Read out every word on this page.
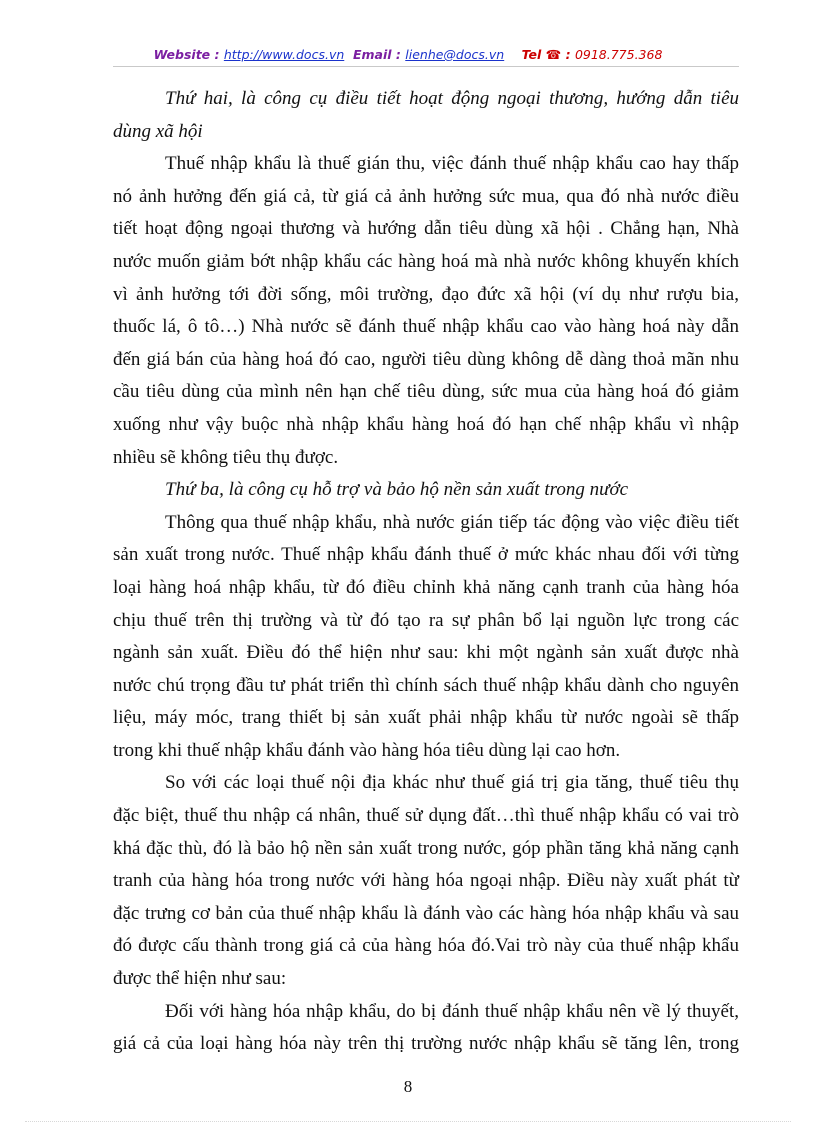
Website : http://www.docs.vn Email : lienhe@docs.vn Tel ☎ : 0918.775.368

Thứ hai, là công cụ điều tiết hoạt động ngoại thương, hướng dẫn tiêu
dùng xã hội

Thuế nhập khẩu là thuế gián thu, việc đánh thuế nhập khẩu cao hay thấp
nó ảnh hưởng đến giá cả, từ giá cả ảnh hưởng sức mua, qua đó nhà nước điều
tiết hoạt động ngoại thương và hướng dẫn tiêu dùng xã hội . Chẳng hạn, Nhà
nước muốn giảm bớt nhập khẩu các hàng hoá mà nhà nước không khuyến khích
vì ảnh hưởng tới đời sống, môi trường, đạo đức xã hội (ví dụ như rượu bia,
thuốc lá, ô tô…) Nhà nước sẽ đánh thuế nhập khẩu cao vào hàng hoá này dẫn
đến giá bán của hàng hoá đó cao, người tiêu dùng không dễ dàng thoả mãn nhu
cầu tiêu dùng của mình nên hạn chế tiêu dùng, sức mua của hàng hoá đó giảm
xuống như vậy buộc nhà nhập khẩu hàng hoá đó hạn chế nhập khẩu vì nhập
nhiều sẽ không tiêu thụ được.

Thứ ba, là công cụ hỗ trợ và bảo hộ nền sản xuất trong nước

Thông qua thuế nhập khẩu, nhà nước gián tiếp tác động vào việc điều tiết
sản xuất trong nước. Thuế nhập khẩu đánh thuế ở mức khác nhau đối với từng
loại hàng hoá nhập khẩu, từ đó điều chỉnh khả năng cạnh tranh của hàng hóa
chịu thuế trên thị trường và từ đó tạo ra sự phân bổ lại nguồn lực trong các
ngành sản xuất. Điều đó thể hiện như sau: khi một ngành sản xuất được nhà
nước chú trọng đầu tư phát triển thì chính sách thuế nhập khẩu dành cho nguyên
liệu, máy móc, trang thiết bị sản xuất phải nhập khẩu từ nước ngoài sẽ thấp
trong khi thuế nhập khẩu đánh vào hàng hóa tiêu dùng lại cao hơn.

So với các loại thuế nội địa khác như thuế giá trị gia tăng, thuế tiêu thụ
đặc biệt, thuế thu nhập cá nhân, thuế sử dụng đất…thì thuế nhập khẩu có vai trò
khá đặc thù, đó là bảo hộ nền sản xuất trong nước, góp phần tăng khả năng cạnh
tranh của hàng hóa trong nước với hàng hóa ngoại nhập. Điều này xuất phát từ
đặc trưng cơ bản của thuế nhập khẩu là đánh vào các hàng hóa nhập khẩu và sau
đó được cấu thành trong giá cả của hàng hóa đó.Vai trò này của thuế nhập khẩu
được thể hiện như sau:

Đối với hàng hóa nhập khẩu, do bị đánh thuế nhập khẩu nên về lý thuyết,
giá cả của loại hàng hóa này trên thị trường nước nhập khẩu sẽ tăng lên, trong

8
